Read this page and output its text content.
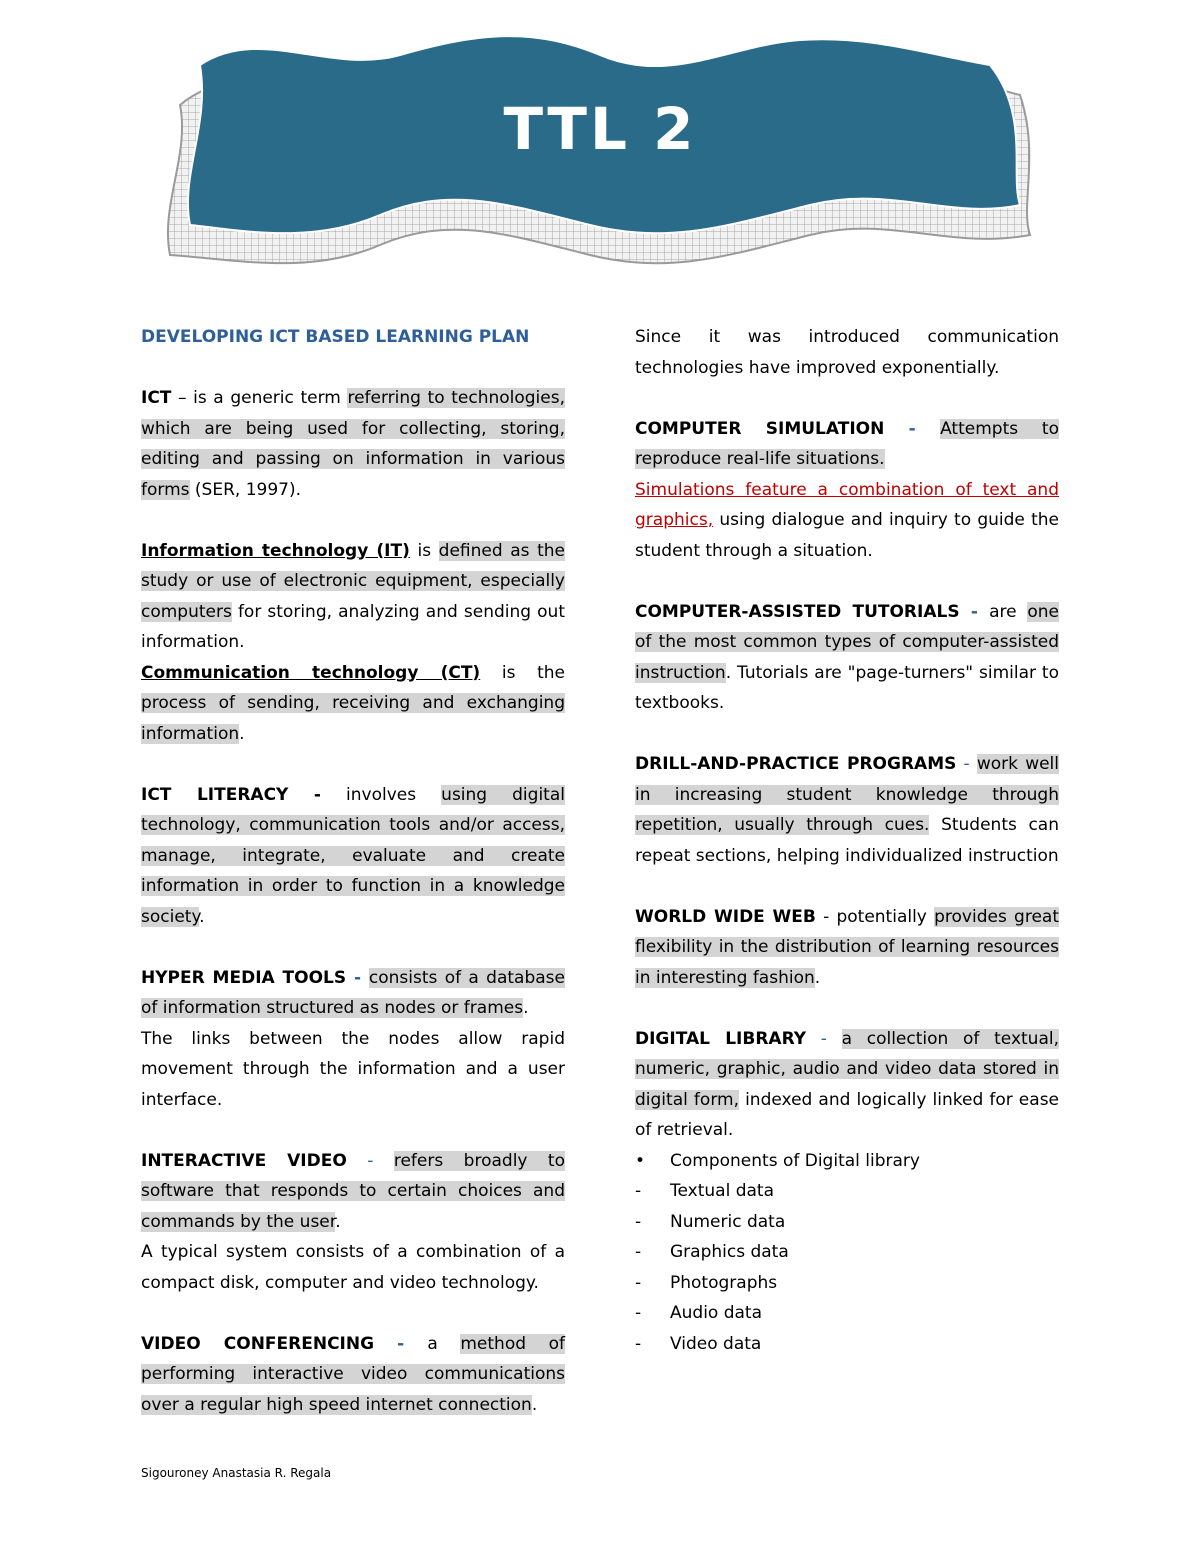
TTL 2

DEVELOPING ICT BASED LEARNING PLAN

ICT – is a generic term referring to technologies, which are being used for collecting, storing, editing and passing on information in various forms (SER, 1997).

Information technology (IT) is defined as the study or use of electronic equipment, especially computers for storing, analyzing and sending out information.

Communication technology (CT) is the process of sending, receiving and exchanging information.

ICT LITERACY - involves using digital technology, communication tools and/or access, manage, integrate, evaluate and create information in order to function in a knowledge society.

HYPER MEDIA TOOLS - consists of a database of information structured as nodes or frames.

The links between the nodes allow rapid movement through the information and a user interface.

INTERACTIVE VIDEO - refers broadly to software that responds to certain choices and commands by the user.

A typical system consists of a combination of a compact disk, computer and video technology.

VIDEO CONFERENCING - a method of performing interactive video communications over a regular high speed internet connection.

Since it was introduced communication technologies have improved exponentially.

COMPUTER SIMULATION - Attempts to reproduce real-life situations.
Simulations feature a combination of text and graphics, using dialogue and inquiry to guide the student through a situation.

COMPUTER-ASSISTED TUTORIALS - are one of the most common types of computer-assisted instruction. Tutorials are "page-turners" similar to textbooks.

DRILL-AND-PRACTICE PROGRAMS - work well in increasing student knowledge through repetition, usually through cues. Students can repeat sections, helping individualized instruction

WORLD WIDE WEB - potentially provides great flexibility in the distribution of learning resources in interesting fashion.

DIGITAL LIBRARY - a collection of textual, numeric, graphic, audio and video data stored in digital form, indexed and logically linked for ease of retrieval.

•	Components of Digital library
-	Textual data
-	Numeric data
-	Graphics data
-	Photographs
-	Audio data
-	Video data
Sigouroney Anastasia R. Regala
